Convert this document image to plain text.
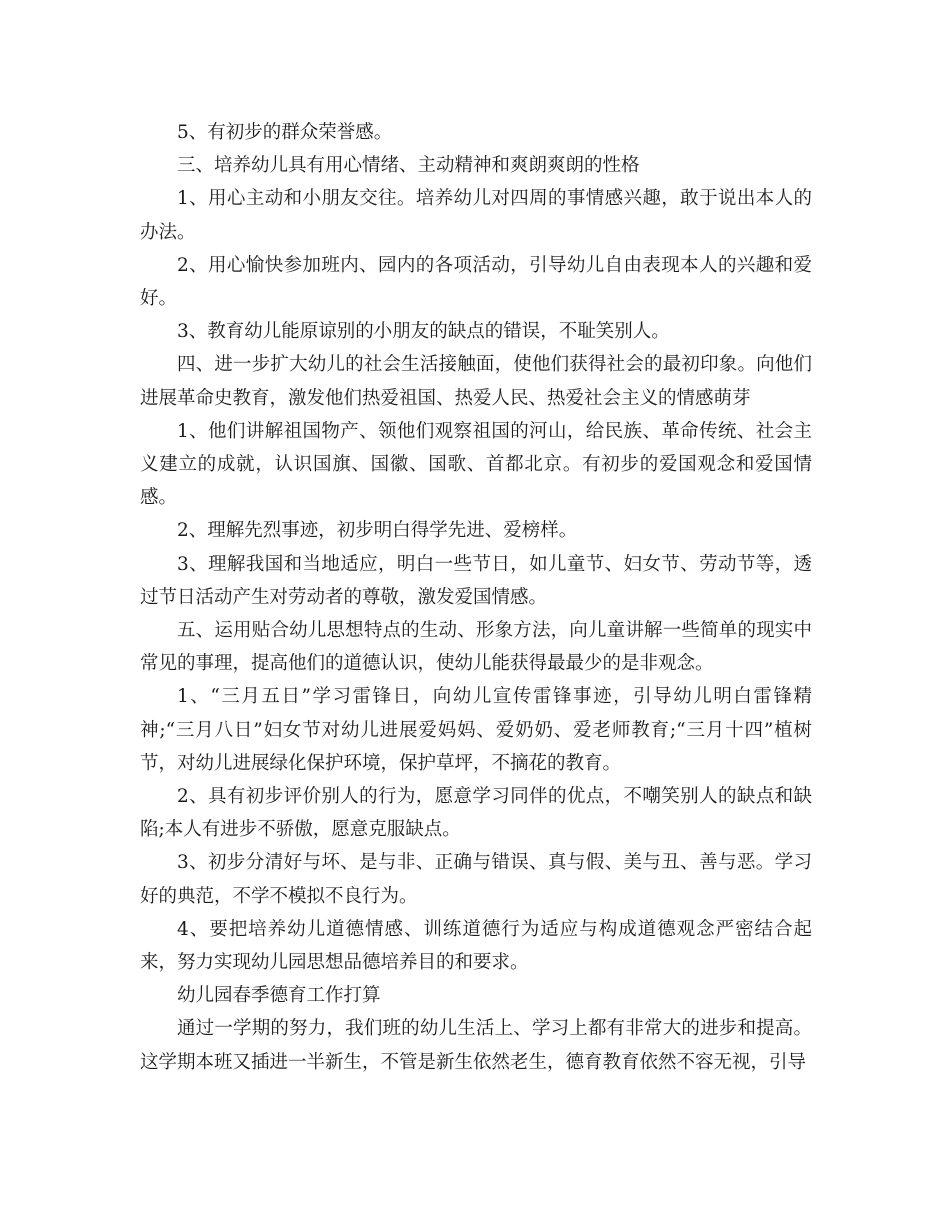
5、有初步的群众荣誉感。

三、培养幼儿具有用心情绪、主动精神和爽朗爽朗的性格

1、用心主动和小朋友交往。培养幼儿对四周的事情感兴趣，敢于说出本人的办法。

2、用心愉快参加班内、园内的各项活动，引导幼儿自由表现本人的兴趣和爱好。

3、教育幼儿能原谅别的小朋友的缺点的错误，不耻笑别人。

四、进一步扩大幼儿的社会生活接触面，使他们获得社会的最初印象。向他们进展革命史教育，激发他们热爱祖国、热爱人民、热爱社会主义的情感萌芽

1、他们讲解祖国物产、领他们观察祖国的河山，给民族、革命传统、社会主义建立的成就，认识国旗、国徽、国歌、首都北京。有初步的爱国观念和爱国情感。

2、理解先烈事迹，初步明白得学先进、爱榜样。

3、理解我国和当地适应，明白一些节日，如儿童节、妇女节、劳动节等，透过节日活动产生对劳动者的尊敬，激发爱国情感。

五、运用贴合幼儿思想特点的生动、形象方法，向儿童讲解一些简单的现实中常见的事理，提高他们的道德认识，使幼儿能获得最最少的是非观念。

1、“三月五日”学习雷锋日，向幼儿宣传雷锋事迹，引导幼儿明白雷锋精神;“三月八日”妇女节对幼儿进展爱妈妈、爱奶奶、爱老师教育;“三月十四”植树节，对幼儿进展绿化保护环境，保护草坪，不摘花的教育。

2、具有初步评价别人的行为，愿意学习同伴的优点，不嘲笑别人的缺点和缺陷;本人有进步不骄傲，愿意克服缺点。

3、初步分清好与坏、是与非、正确与错误、真与假、美与丑、善与恶。学习好的典范，不学不模拟不良行为。

4、要把培养幼儿道德情感、训练道德行为适应与构成道德观念严密结合起来，努力实现幼儿园思想品德培养目的和要求。

幼儿园春季德育工作打算

通过一学期的努力，我们班的幼儿生活上、学习上都有非常大的进步和提高。这学期本班又插进一半新生，不管是新生依然老生，德育教育依然不容无视，引导
